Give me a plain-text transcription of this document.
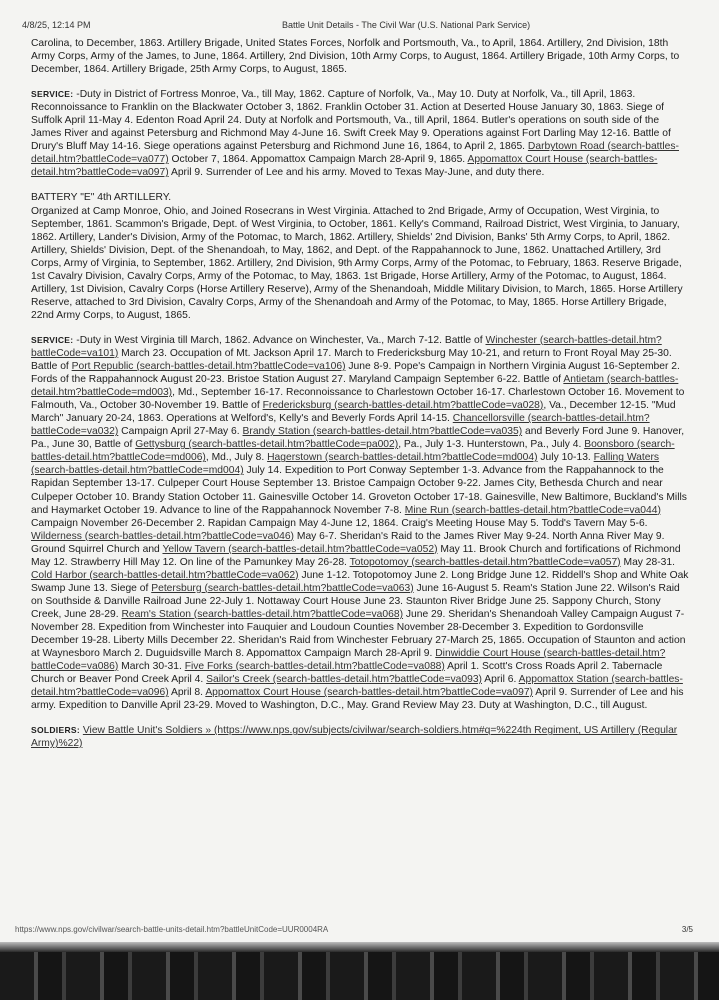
4/8/25, 12:14 PM	Battle Unit Details - The Civil War (U.S. National Park Service)

Carolina, to December, 1863. Artillery Brigade, United States Forces, Norfolk and Portsmouth, Va., to April, 1864. Artillery, 2nd Division, 18th Army Corps, Army of the James, to June, 1864. Artillery, 2nd Division, 10th Army Corps, to August, 1864. Artillery Brigade, 10th Army Corps, to December, 1864. Artillery Brigade, 25th Army Corps, to August, 1865.

SERVICE: -Duty in District of Fortress Monroe, Va., till May, 1862. Capture of Norfolk, Va., May 10. Duty at Norfolk, Va., till April, 1863. Reconnoissance to Franklin on the Blackwater October 3, 1862. Franklin October 31. Action at Deserted House January 30, 1863. Siege of Suffolk April 11-May 4. Edenton Road April 24. Duty at Norfolk and Portsmouth, Va., till April, 1864. Butler's operations on south side of the James River and against Petersburg and Richmond May 4-June 16. Swift Creek May 9. Operations against Fort Darling May 12-16. Battle of Drury's Bluff May 14-16. Siege operations against Petersburg and Richmond June 16, 1864, to April 2, 1865. Darbytown Road (search-battles-detail.htm?battleCode=va077) October 7, 1864. Appomattox Campaign March 28-April 9, 1865. Appomattox Court House (search-battles-detail.htm?battleCode=va097) April 9. Surrender of Lee and his army. Moved to Texas May-June, and duty there.

BATTERY "E" 4th ARTILLERY.

Organized at Camp Monroe, Ohio, and Joined Rosecrans in West Virginia. Attached to 2nd Brigade, Army of Occupation, West Virginia, to September, 1861. Scammon's Brigade, Dept. of West Virginia, to October, 1861. Kelly's Command, Railroad District, West Virginia, to January, 1862. Artillery, Lander's Division, Army of the Potomac, to March, 1862. Artillery, Shields' 2nd Division, Banks' 5th Army Corps, to April, 1862. Artillery, Shields' Division, Dept. of the Shenandoah, to May, 1862, and Dept. of the Rappahannock to June, 1862. Unattached Artillery, 3rd Corps, Army of Virginia, to September, 1862. Artillery, 2nd Division, 9th Army Corps, Army of the Potomac, to February, 1863. Reserve Brigade, 1st Cavalry Division, Cavalry Corps, Army of the Potomac, to May, 1863. 1st Brigade, Horse Artillery, Army of the Potomac, to August, 1864. Artillery, 1st Division, Cavalry Corps (Horse Artillery Reserve), Army of the Shenandoah, Middle Military Division, to March, 1865. Horse Artillery Reserve, attached to 3rd Division, Cavalry Corps, Army of the Shenandoah and Army of the Potomac, to May, 1865. Horse Artillery Brigade, 22nd Army Corps, to August, 1865.

SERVICE: -Duty in West Virginia till March, 1862. Advance on Winchester, Va., March 7-12. Battle of Winchester (search-battles-detail.htm?battleCode=va101) March 23. Occupation of Mt. Jackson April 17. March to Fredericksburg May 10-21, and return to Front Royal May 25-30. Battle of Port Republic (search-battles-detail.htm?battleCode=va106) June 8-9. Pope's Campaign in Northern Virginia August 16-September 2. Fords of the Rappahannock August 20-23. Bristoe Station August 27. Maryland Campaign September 6-22. Battle of Antietam (search-battles-detail.htm?battleCode=md003), Md., September 16-17. Reconnoissance to Charlestown October 16-17. Charlestown October 16. Movement to Falmouth, Va., October 30-November 19. Battle of Fredericksburg (search-battles-detail.htm?battleCode=va028), Va., December 12-15. "Mud March" January 20-24, 1863. Operations at Welford's, Kelly's and Beverly Fords April 14-15. Chancellorsville (search-battles-detail.htm?battleCode=va032) Campaign April 27-May 6. Brandy Station (search-battles-detail.htm?battleCode=va035) and Beverly Ford June 9. Hanover, Pa., June 30, Battle of Gettysburg (search-battles-detail.htm?battleCode=pa002), Pa., July 1-3. Hunterstown, Pa., July 4. Boonsboro (search-battles-detail.htm?battleCode=md006), Md., July 8. Hagerstown (search-battles-detail.htm?battleCode=md004) July 10-13. Falling Waters (search-battles-detail.htm?battleCode=md004) July 14. Expedition to Port Conway September 1-3. Advance from the Rappahannock to the Rapidan September 13-17. Culpeper Court House September 13. Bristoe Campaign October 9-22. James City, Bethesda Church and near Culpeper October 10. Brandy Station October 11. Gainesville October 14. Groveton October 17-18. Gainesville, New Baltimore, Buckland's Mills and Haymarket October 19. Advance to line of the Rappahannock November 7-8. Mine Run (search-battles-detail.htm?battleCode=va044) Campaign November 26-December 2. Rapidan Campaign May 4-June 12, 1864. Craig's Meeting House May 5. Todd's Tavern May 5-6. Wilderness (search-battles-detail.htm?battleCode=va046) May 6-7. Sheridan's Raid to the James River May 9-24. North Anna River May 9. Ground Squirrel Church and Yellow Tavern (search-battles-detail.htm?battleCode=va052) May 11. Brook Church and fortifications of Richmond May 12. Strawberry Hill May 12. On line of the Pamunkey May 26-28. Totopotomoy (search-battles-detail.htm?battleCode=va057) May 28-31. Cold Harbor (search-battles-detail.htm?battleCode=va062) June 1-12. Totopotomoy June 2. Long Bridge June 12. Riddell's Shop and White Oak Swamp June 13. Siege of Petersburg (search-battles-detail.htm?battleCode=va063) June 16-August 5. Ream's Station June 22. Wilson's Raid on Southside & Danville Railroad June 22-July 1. Nottaway Court House June 23. Staunton River Bridge June 25. Sappony Church, Stony Creek, June 28-29. Ream's Station (search-battles-detail.htm?battleCode=va068) June 29. Sheridan's Shenandoah Valley Campaign August 7-November 28. Expedition from Winchester into Fauquier and Loudoun Counties November 28-December 3. Expedition to Gordonsville December 19-28. Liberty Mills December 22. Sheridan's Raid from Winchester February 27-March 25, 1865. Occupation of Staunton and action at Waynesboro March 2. Duguidsville March 8. Appomattox Campaign March 28-April 9. Dinwiddie Court House (search-battles-detail.htm?battleCode=va086) March 30-31. Five Forks (search-battles-detail.htm?battleCode=va088) April 1. Scott's Cross Roads April 2. Tabernacle Church or Beaver Pond Creek April 4. Sailor's Creek (search-battles-detail.htm?battleCode=va093) April 6. Appomattox Station (search-battles-detail.htm?battleCode=va096) April 8. Appomattox Court House (search-battles-detail.htm?battleCode=va097) April 9. Surrender of Lee and his army. Expedition to Danville April 23-29. Moved to Washington, D.C., May. Grand Review May 23. Duty at Washington, D.C., till August.

SOLDIERS: View Battle Unit's Soldiers » (https://www.nps.gov/subjects/civilwar/search-soldiers.htm#q=%224th Regiment, US Artillery (Regular Army)%22)

https://www.nps.gov/civilwar/search-battle-units-detail.htm?battleUnitCode=UUR0004RA	3/5
